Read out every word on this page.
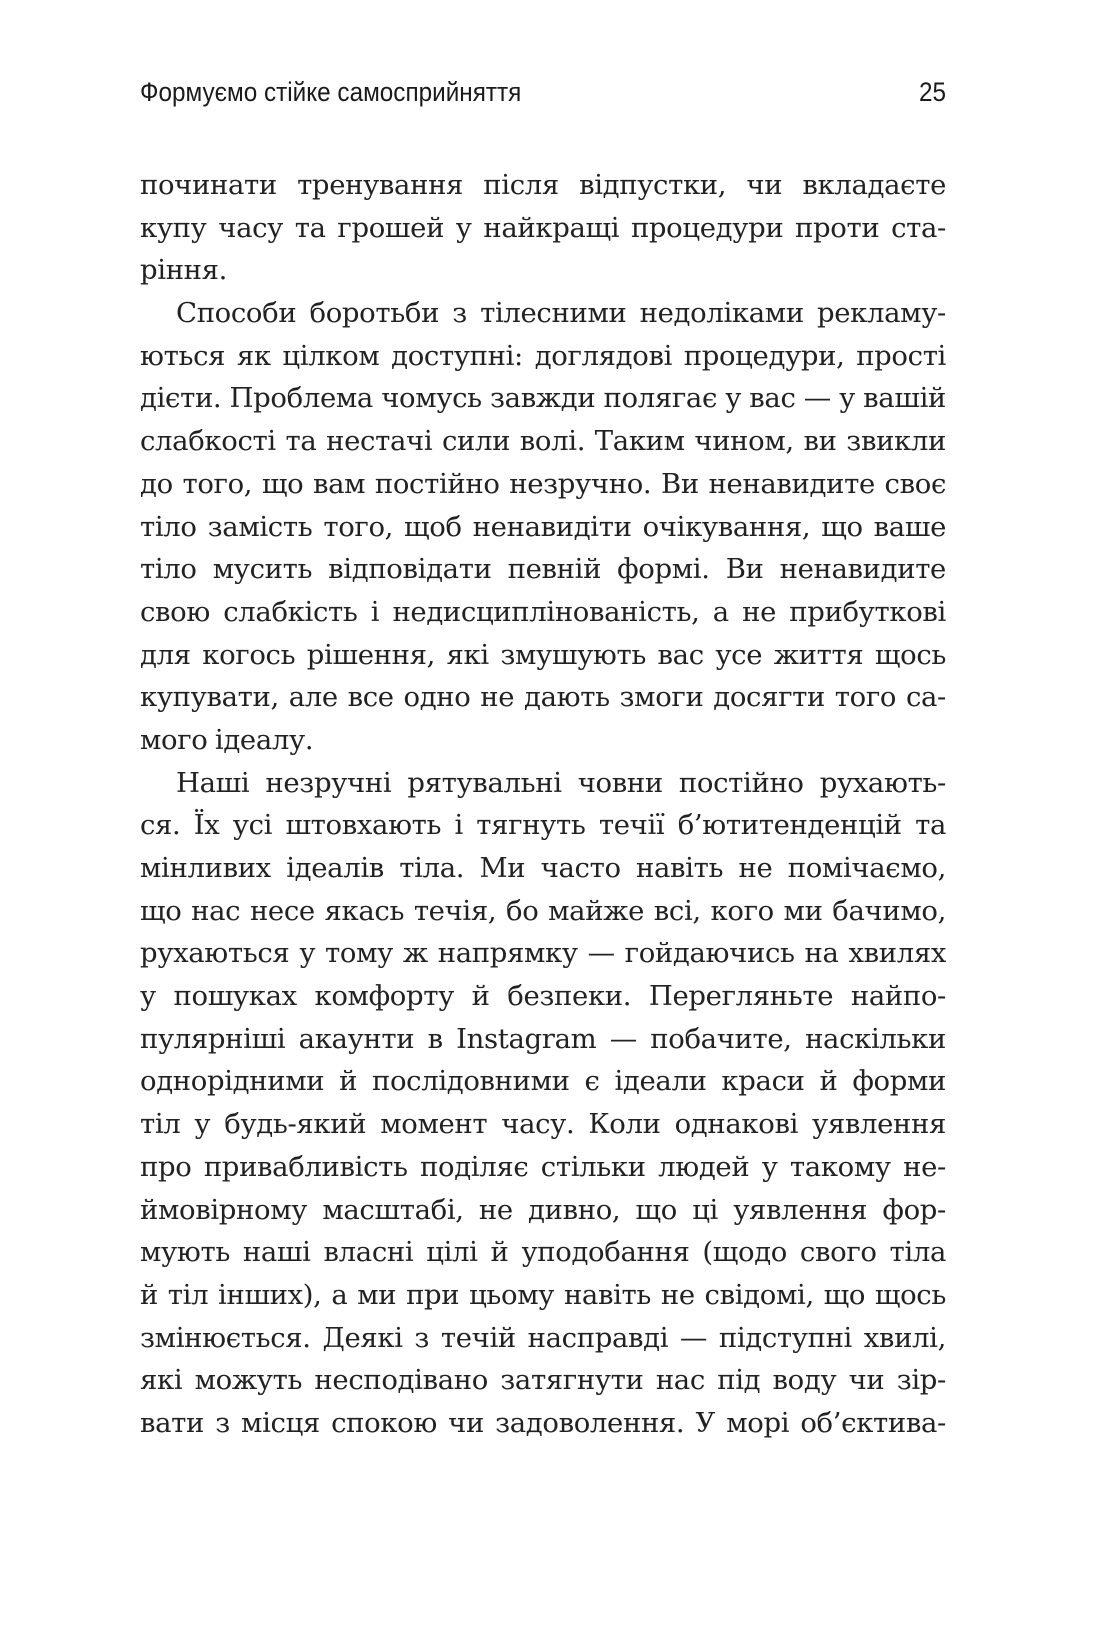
Формуємо стійке самосприйняття	25
починати тренування після відпустки, чи вкладаєте
купу часу та грошей у найкращі процедури проти ста-
ріння.
Способи боротьби з тілесними недоліками рекламу-
ються як цілком доступні: доглядові процедури, прості
дієти. Проблема чомусь завжди полягає у вас — у вашій
слабкості та нестачі сили волі. Таким чином, ви звикли
до того, що вам постійно незручно. Ви ненавидите своє
тіло замість того, щоб ненавидіти очікування, що ваше
тіло мусить відповідати певній формі. Ви ненавидите
свою слабкість і недисциплінованість, а не прибуткові
для когось рішення, які змушують вас усе життя щось
купувати, але все одно не дають змоги досягти того са-
мого ідеалу.
Наші незручні рятувальні човни постійно рухають-
ся. Їх усі штовхають і тягнуть течії б’ютитенденцій та
мінливих ідеалів тіла. Ми часто навіть не помічаємо,
що нас несе якась течія, бо майже всі, кого ми бачимо,
рухаються у тому ж напрямку — гойдаючись на хвилях
у пошуках комфорту й безпеки. Перегляньте найпо-
пулярніші акаунти в Instagram — побачите, наскільки
однорідними й послідовними є ідеали краси й форми
тіл у будь-який момент часу. Коли однакові уявлення
про привабливість поділяє стільки людей у такому не-
ймовірному масштабі, не дивно, що ці уявлення фор-
мують наші власні цілі й уподобання (щодо свого тіла
й тіл інших), а ми при цьому навіть не свідомі, що щось
змінюється. Деякі з течій насправді — підступні хвилі,
які можуть несподівано затягнути нас під воду чи зір-
вати з місця спокою чи задоволення. У морі об’єктива-
